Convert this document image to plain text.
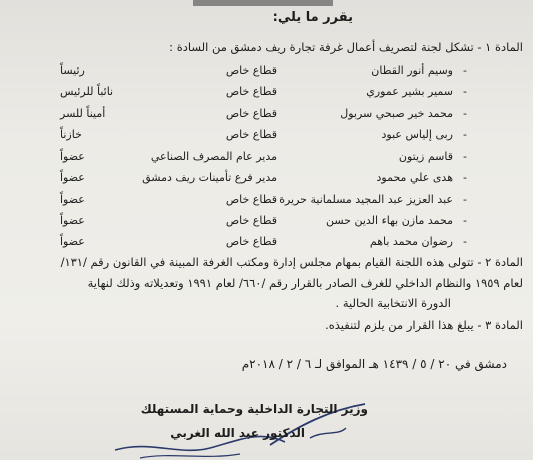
يقرر ما يلي:
المادة ١ - تشكل لجنة لتصريف أعمال غرفة تجارة ريف دمشق من السادة :
-
وسيم أنور القطان
قطاع خاص
رئيساً
-
سمير بشير عموري
قطاع خاص
نائباً للرئيس
-
محمد خير صبحي سربول
قطاع خاص
أميناً للسر
-
ربى إلياس عبود
قطاع خاص
خازناً
-
قاسم زيتون
مدير عام المصرف الصناعي
عضواً
-
هدى علي محمود
مدير فرع تأمينات ريف دمشق
عضواً
-
عبد العزيز عبد المجيد مسلمانية حريرة
قطاع خاص
عضواً
-
محمد مازن بهاء الدين حسن
قطاع خاص
عضواً
-
رضوان محمد باهم
قطاع خاص
عضواً
المادة ٢ - تتولى هذه اللجنة القيام بمهام مجلس إدارة ومكتب الغرفة المبينة في القانون رقم /١٣١/
لعام ١٩٥٩ والنظام الداخلي للغرف الصادر بالقرار رقم /٦٦٠/ لعام ١٩٩١ وتعديلاته وذلك لنهاية
الدورة الانتخابية الحالية .
المادة ٣ - يبلغ هذا القرار من يلزم لتنفيذه.
دمشق في ٢٠ / ٥ / ١٤٣٩ هـ الموافق لـ ٦ / ٢ / ٢٠١٨م
وزير التجارة الداخلية وحماية المستهلك
الدكتور عبد الله الغربي
